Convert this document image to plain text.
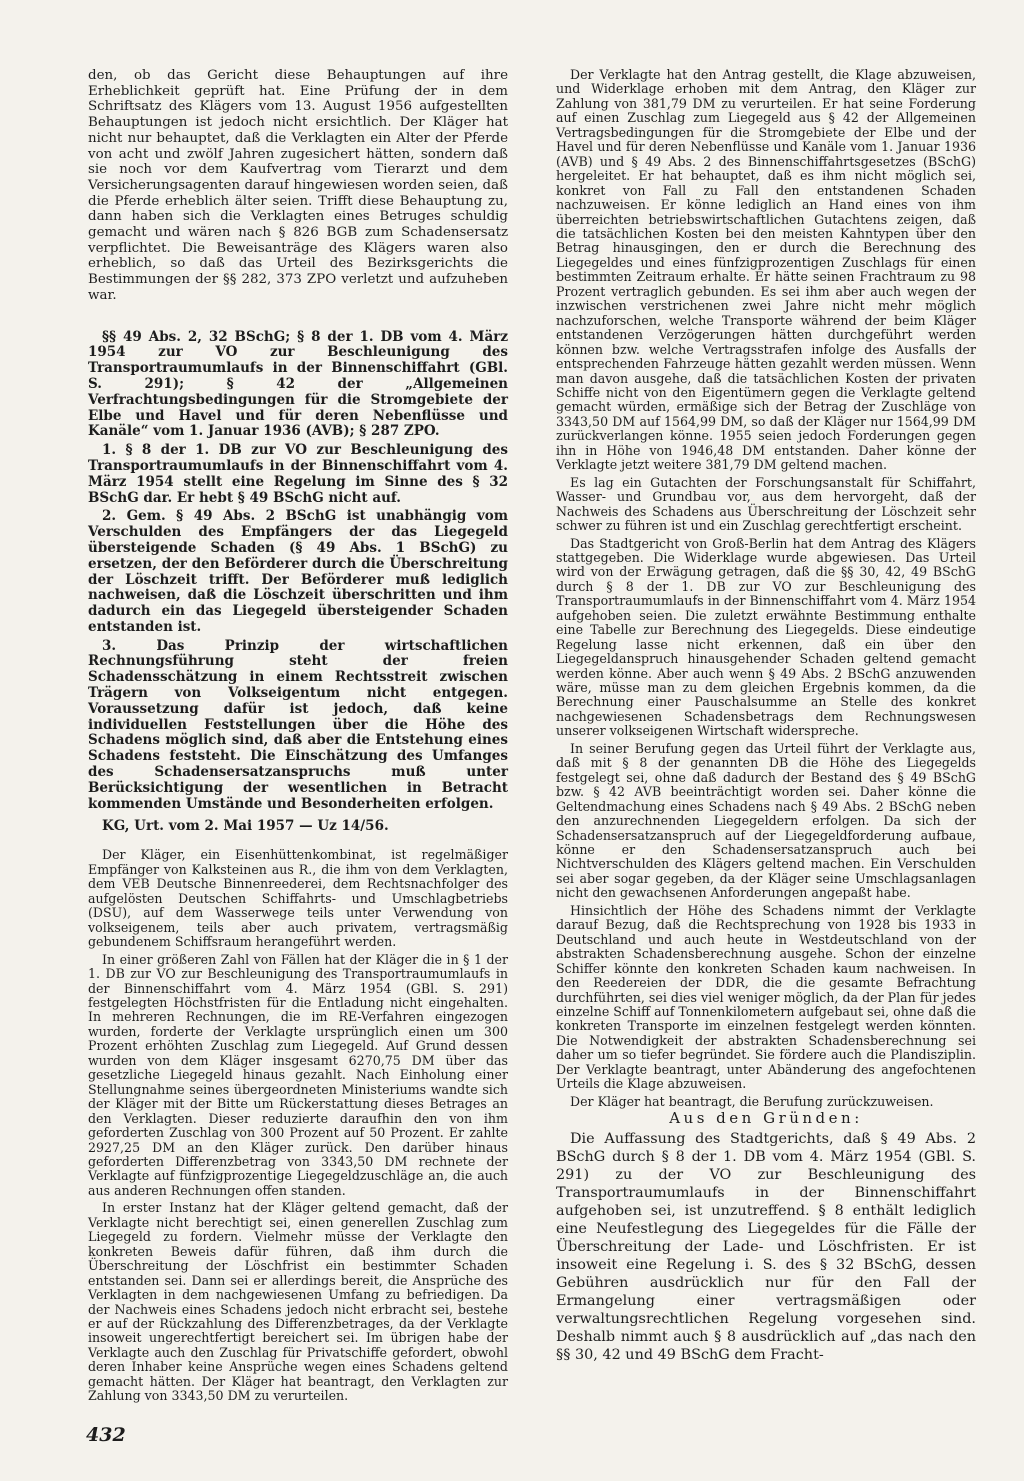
den, ob das Gericht diese Behauptungen auf ihre Erheblichkeit geprüft hat. Eine Prüfung der in dem Schriftsatz des Klägers vom 13. August 1956 aufgestellten Behauptungen ist jedoch nicht ersichtlich. Der Kläger hat nicht nur behauptet, daß die Verklagten ein Alter der Pferde von acht und zwölf Jahren zugesichert hätten, sondern daß sie noch vor dem Kaufvertrag vom Tierarzt und dem Versicherungsagenten darauf hingewiesen worden seien, daß die Pferde erheblich älter seien. Trifft diese Behauptung zu, dann haben sich die Verklagten eines Betruges schuldig gemacht und wären nach § 826 BGB zum Schadensersatz verpflichtet. Die Beweisanträge des Klägers waren also erheblich, so daß das Urteil des Bezirksgerichts die Bestimmungen der §§ 282, 373 ZPO verletzt und aufzuheben war.

§§ 49 Abs. 2, 32 BSchG; § 8 der 1. DB vom 4. März 1954 zur VO zur Beschleunigung des Transportraumumlaufs in der Binnenschiffahrt (GBl. S. 291); § 42 der „Allgemeinen Verfrachtungsbedingungen für die Stromgebiete der Elbe und Havel und für deren Nebenflüsse und Kanäle“ vom 1. Januar 1936 (AVB); § 287 ZPO.

1. § 8 der 1. DB zur VO zur Beschleunigung des Transportraumumlaufs in der Binnenschiffahrt vom 4. März 1954 stellt eine Regelung im Sinne des § 32 BSchG dar. Er hebt § 49 BSchG nicht auf.

2. Gem. § 49 Abs. 2 BSchG ist unabhängig vom Verschulden des Empfängers der das Liegegeld übersteigende Schaden (§ 49 Abs. 1 BSchG) zu ersetzen, der den Beförderer durch die Überschreitung der Löschzeit trifft. Der Beförderer muß lediglich nachweisen, daß die Löschzeit überschritten und ihm dadurch ein das Liegegeld übersteigender Schaden entstanden ist.

3. Das Prinzip der wirtschaftlichen Rechnungsführung steht der freien Schadensschätzung in einem Rechtsstreit zwischen Trägern von Volkseigentum nicht entgegen. Voraussetzung dafür ist jedoch, daß keine individuellen Feststellungen über die Höhe des Schadens möglich sind, daß aber die Entstehung eines Schadens feststeht. Die Einschätzung des Umfanges des Schadensersatzanspruchs muß unter Berücksichtigung der wesentlichen in Betracht kommenden Umstände und Besonderheiten erfolgen.

KG, Urt. vom 2. Mai 1957 — Uz 14/56.

Der Kläger, ein Eisenhüttenkombinat, ist regelmäßiger Empfänger von Kalksteinen aus R., die ihm von dem Verklagten, dem VEB Deutsche Binnenreederei, dem Rechtsnachfolger des aufgelösten Deutschen Schiffahrts- und Umschlagbetriebs (DSU), auf dem Wasserwege teils unter Verwendung von volkseigenem, teils aber auch privatem, vertragsmäßig gebundenem Schiffsraum herangeführt werden.

In einer größeren Zahl von Fällen hat der Kläger die in § 1 der 1. DB zur VO zur Beschleunigung des Transportraumumlaufs in der Binnenschiffahrt vom 4. März 1954 (GBl. S. 291) festgelegten Höchstfristen für die Entladung nicht eingehalten. In mehreren Rechnungen, die im RE-Verfahren eingezogen wurden, forderte der Verklagte ursprünglich einen um 300 Prozent erhöhten Zuschlag zum Liegegeld. Auf Grund dessen wurden von dem Kläger insgesamt 6270,75 DM über das gesetzliche Liegegeld hinaus gezahlt. Nach Einholung einer Stellungnahme seines übergeordneten Ministeriums wandte sich der Kläger mit der Bitte um Rückerstattung dieses Betrages an den Verklagten. Dieser reduzierte daraufhin den von ihm geforderten Zuschlag von 300 Prozent auf 50 Prozent. Er zahlte 2927,25 DM an den Kläger zurück. Den darüber hinaus geforderten Differenzbetrag von 3343,50 DM rechnete der Verklagte auf fünfzigprozentige Liegegeldzuschläge an, die auch aus anderen Rechnungen offen standen.

In erster Instanz hat der Kläger geltend gemacht, daß der Verklagte nicht berechtigt sei, einen generellen Zuschlag zum Liegegeld zu fordern. Vielmehr müsse der Verklagte den konkreten Beweis dafür führen, daß ihm durch die Überschreitung der Löschfrist ein bestimmter Schaden entstanden sei. Dann sei er allerdings bereit, die Ansprüche des Verklagten in dem nachgewiesenen Umfang zu befriedigen. Da der Nachweis eines Schadens jedoch nicht erbracht sei, bestehe er auf der Rückzahlung des Differenzbetrages, da der Verklagte insoweit ungerechtfertigt bereichert sei. Im übrigen habe der Verklagte auch den Zuschlag für Privatschiffe gefordert, obwohl deren Inhaber keine Ansprüche wegen eines Schadens geltend gemacht hätten. Der Kläger hat beantragt, den Verklagten zur Zahlung von 3343,50 DM zu verurteilen.

Der Verklagte hat den Antrag gestellt, die Klage abzuweisen, und Widerklage erhoben mit dem Antrag, den Kläger zur Zahlung von 381,79 DM zu verurteilen. Er hat seine Forderung auf einen Zuschlag zum Liegegeld aus § 42 der Allgemeinen Vertragsbedingungen für die Stromgebiete der Elbe und der Havel und für deren Nebenflüsse und Kanäle vom 1. Januar 1936 (AVB) und § 49 Abs. 2 des Binnenschiffahrtsgesetzes (BSchG) hergeleitet. Er hat behauptet, daß es ihm nicht möglich sei, konkret von Fall zu Fall den entstandenen Schaden nachzuweisen. Er könne lediglich an Hand eines von ihm überreichten betriebswirtschaftlichen Gutachtens zeigen, daß die tatsächlichen Kosten bei den meisten Kahntypen über den Betrag hinausgingen, den er durch die Berechnung des Liegegeldes und eines fünfzigprozentigen Zuschlags für einen bestimmten Zeitraum erhalte. Er hätte seinen Frachtraum zu 98 Prozent vertraglich gebunden. Es sei ihm aber auch wegen der inzwischen verstrichenen zwei Jahre nicht mehr möglich nachzuforschen, welche Transporte während der beim Kläger entstandenen Verzögerungen hätten durchgeführt werden können bzw. welche Vertragsstrafen infolge des Ausfalls der entsprechenden Fahrzeuge hätten gezahlt werden müssen. Wenn man davon ausgehe, daß die tatsächlichen Kosten der privaten Schiffe nicht von den Eigentümern gegen die Verklagte geltend gemacht würden, ermäßige sich der Betrag der Zuschläge von 3343,50 DM auf 1564,99 DM, so daß der Kläger nur 1564,99 DM zurückverlangen könne. 1955 seien jedoch Forderungen gegen ihn in Höhe von 1946,48 DM entstanden. Daher könne der Verklagte jetzt weitere 381,79 DM geltend machen.

Es lag ein Gutachten der Forschungsanstalt für Schiffahrt, Wasser- und Grundbau vor, aus dem hervorgeht, daß der Nachweis des Schadens aus Überschreitung der Löschzeit sehr schwer zu führen ist und ein Zuschlag gerechtfertigt erscheint.

Das Stadtgericht von Groß-Berlin hat dem Antrag des Klägers stattgegeben. Die Widerklage wurde abgewiesen. Das Urteil wird von der Erwägung getragen, daß die §§ 30, 42, 49 BSchG durch § 8 der 1. DB zur VO zur Beschleunigung des Transportraumumlaufs in der Binnenschiffahrt vom 4. März 1954 aufgehoben seien. Die zuletzt erwähnte Bestimmung enthalte eine Tabelle zur Berechnung des Liegegelds. Diese eindeutige Regelung lasse nicht erkennen, daß ein über den Liegegeldanspruch hinausgehender Schaden geltend gemacht werden könne. Aber auch wenn § 49 Abs. 2 BSchG anzuwenden wäre, müsse man zu dem gleichen Ergebnis kommen, da die Berechnung einer Pauschalsumme an Stelle des konkret nachgewiesenen Schadensbetrags dem Rechnungswesen unserer volkseigenen Wirtschaft widerspreche.

In seiner Berufung gegen das Urteil führt der Verklagte aus, daß mit § 8 der genannten DB die Höhe des Liegegelds festgelegt sei, ohne daß dadurch der Bestand des § 49 BSchG bzw. § 42 AVB beeinträchtigt worden sei. Daher könne die Geltendmachung eines Schadens nach § 49 Abs. 2 BSchG neben den anzurechnenden Liegegeldern erfolgen. Da sich der Schadensersatzanspruch auf der Liegegeldforderung aufbaue, könne er den Schadensersatzanspruch auch bei Nichtverschulden des Klägers geltend machen. Ein Verschulden sei aber sogar gegeben, da der Kläger seine Umschlagsanlagen nicht den gewachsenen Anforderungen angepaßt habe.

Hinsichtlich der Höhe des Schadens nimmt der Verklagte darauf Bezug, daß die Rechtsprechung von 1928 bis 1933 in Deutschland und auch heute in Westdeutschland von der abstrakten Schadensberechnung ausgehe. Schon der einzelne Schiffer könnte den konkreten Schaden kaum nachweisen. In den Reedereien der DDR, die die gesamte Befrachtung durchführten, sei dies viel weniger möglich, da der Plan für jedes einzelne Schiff auf Tonnenkilometern aufgebaut sei, ohne daß die konkreten Transporte im einzelnen festgelegt werden könnten. Die Notwendigkeit der abstrakten Schadensberechnung sei daher um so tiefer begründet. Sie fördere auch die Plandisziplin. Der Verklagte beantragt, unter Abänderung des angefochtenen Urteils die Klage abzuweisen.

Der Kläger hat beantragt, die Berufung zurückzuweisen.

Aus den Gründen:

Die Auffassung des Stadtgerichts, daß § 49 Abs. 2 BSchG durch § 8 der 1. DB vom 4. März 1954 (GBl. S. 291) zu der VO zur Beschleunigung des Transportraumumlaufs in der Binnenschiffahrt aufgehoben sei, ist unzutreffend. § 8 enthält lediglich eine Neufestlegung des Liegegeldes für die Fälle der Überschreitung der Lade- und Löschfristen. Er ist insoweit eine Regelung i. S. des § 32 BSchG, dessen Gebühren ausdrücklich nur für den Fall der Ermangelung einer vertragsmäßigen oder verwaltungsrechtlichen Regelung vorgesehen sind. Deshalb nimmt auch § 8 ausdrücklich auf „das nach den §§ 30, 42 und 49 BSchG dem Fracht-

432
